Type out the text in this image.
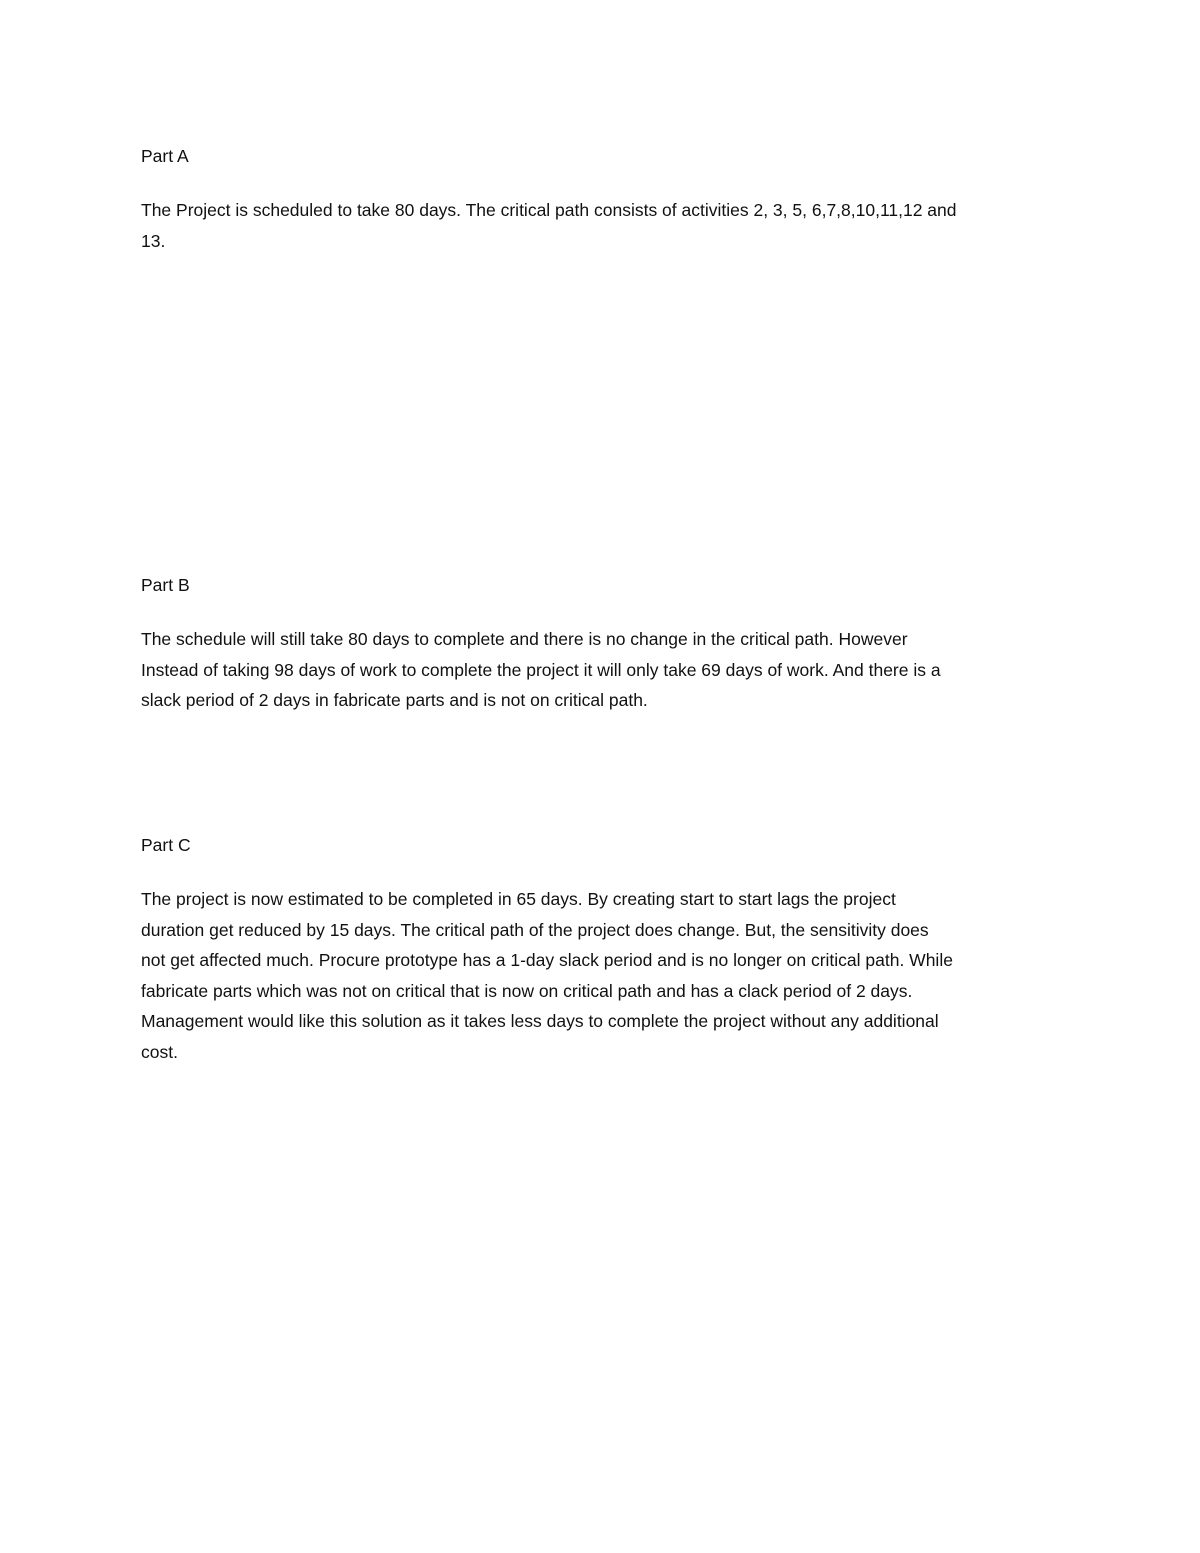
Part A

The Project is scheduled to take 80 days. The critical path consists of activities 2, 3, 5, 6,7,8,10,11,12 and
13.

Part B

The schedule will still take 80 days to complete and there is no change in the critical path. However
Instead of taking 98 days of work to complete the project it will only take 69 days of work. And there is a
slack period of 2 days in fabricate parts and is not on critical path.

Part C

The project is now estimated to be completed in 65 days. By creating start to start lags the project
duration get reduced by 15 days. The critical path of the project does change. But, the sensitivity does
not get affected much. Procure prototype has a 1-day slack period and is no longer on critical path. While
fabricate parts which was not on critical that is now on critical path and has a clack period of 2 days.
Management would like this solution as it takes less days to complete the project without any additional
cost.
